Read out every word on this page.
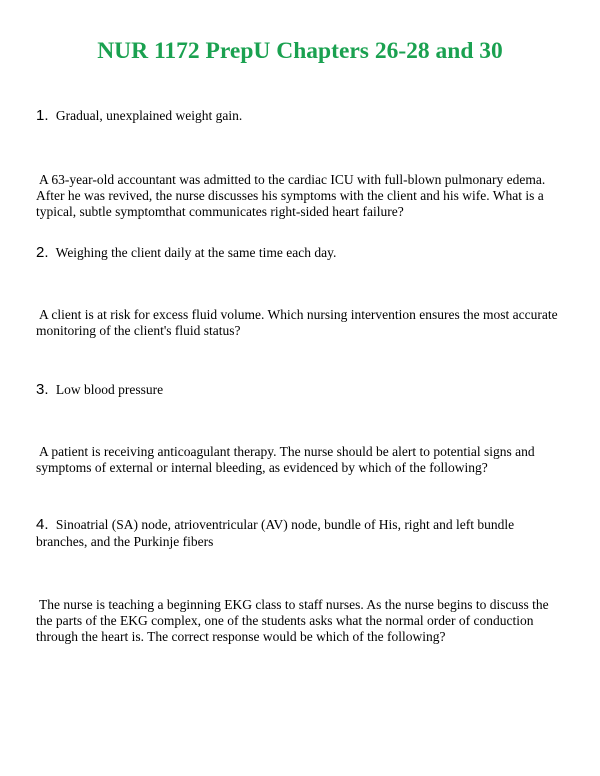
NUR 1172 PrepU Chapters 26-28 and 30
1. Gradual, unexplained weight gain.

A 63-year-old accountant was admitted to the cardiac ICU with full-blown pulmonary edema. After he was revived, the nurse discusses his symptoms with the client and his wife. What is a typical, subtle symptomthat communicates right-sided heart failure?

2. Weighing the client daily at the same time each day.

A client is at risk for excess fluid volume. Which nursing intervention ensures the most accurate monitoring of the client's fluid status?

3. Low blood pressure

A patient is receiving anticoagulant therapy. The nurse should be alert to potential signs and symptoms of external or internal bleeding, as evidenced by which of the following?

4. Sinoatrial (SA) node, atrioventricular (AV) node, bundle of His, right and left bundle branches, and the Purkinje fibers

The nurse is teaching a beginning EKG class to staff nurses. As the nurse begins to discuss the the parts of the EKG complex, one of the students asks what the normal order of conduction through the heart is. The correct response would be which of the following?
